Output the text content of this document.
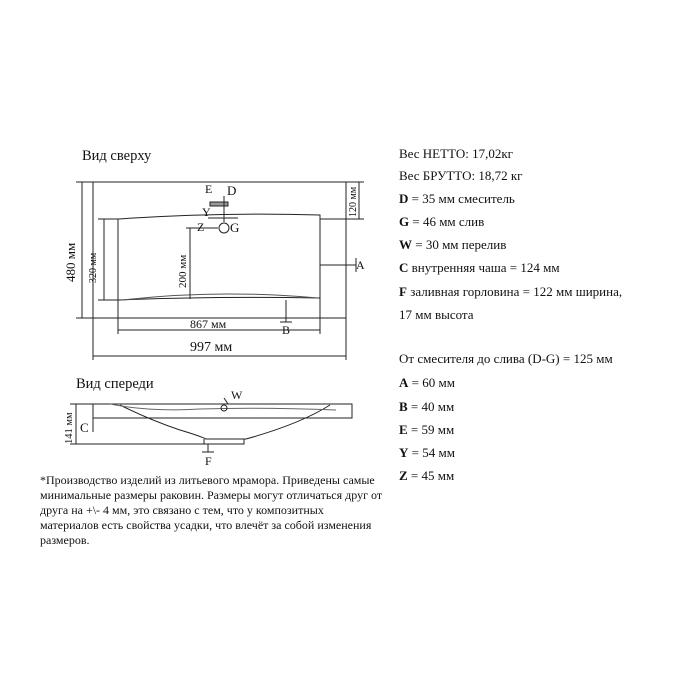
480 мм 320 мм	200 мм
120 мм
141 мм
867 мм
997 мм
E D
Y
Z G
A
B
W
C
F
Вид сверху
Вид спереди
Вес НЕТТО: 17,02кг
Вес БРУТТО: 18,72 кг
D = 35 мм смеситель
G = 46 мм слив
W = 30 мм перелив
C внутренняя чаша = 124 мм
F заливная горловина = 122 мм ширина,
17 мм высота
От смесителя до слива (D-G) = 125 мм
A = 60 мм
B = 40 мм
E = 59 мм
Y = 54 мм
Z = 45 мм
*Производство изделий из литьевого мрамора. Приведены самые минимальные размеры раковин. Размеры могут отличаться друг от друга на +\- 4 мм, это связано с тем, что у композитных материалов есть свойства усадки, что влечёт за собой изменения размеров.
